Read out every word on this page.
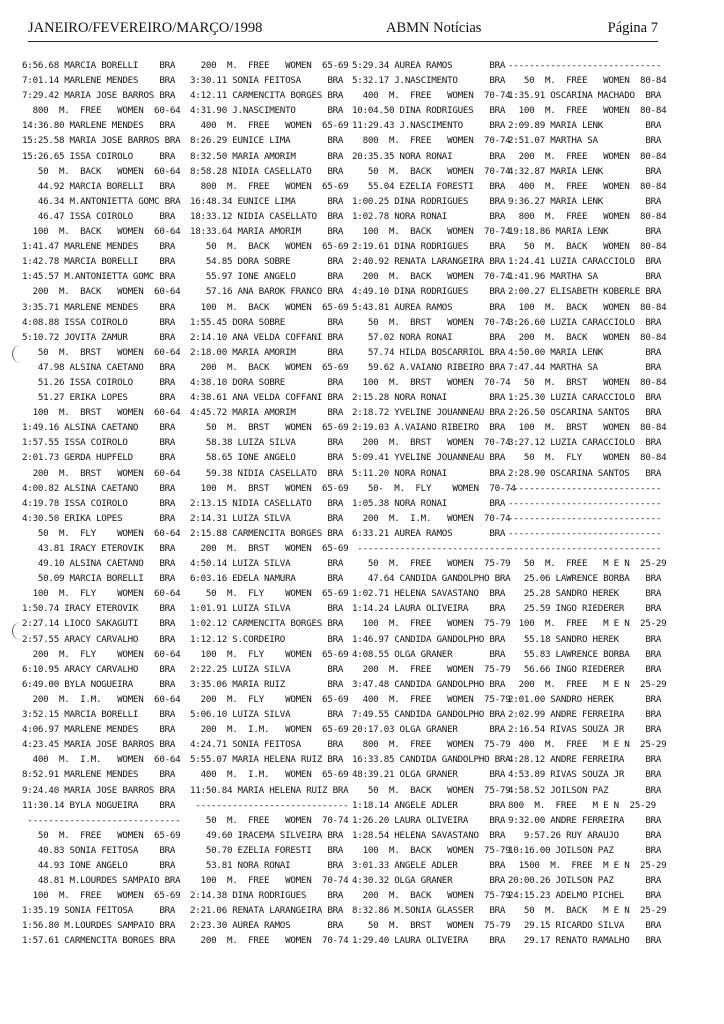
JANEIRO/FEVEREIRO/MARÇO/1998	ABMN Notícias	Página 7
6:56.68 MARCIA BORELLI    BRA
7:01.14 MARLENE MENDES    BRA
7:29.42 MARIA JOSE BARROS BRA
800  M.  FREE   WOMEN  60-64
14:36.80 MARLENE MENDES   BRA
15:25.58 MARIA JOSE BARROS BRA
15:26.65 ISSA COIROLO     BRA
50  M.  BACK   WOMEN  60-64
44.92 MARCIA BORELLI   BRA
46.34 M.ANTONIETTA GOMC BRA
46.47 ISSA COIROLO     BRA
100  M.  BACK   WOMEN  60-64
1:41.47 MARLENE MENDES    BRA
1:42.78 MARCIA BORELLI    BRA
1:45.57 M.ANTONIETTA GOMC BRA
200  M.  BACK   WOMEN  60-64
3:35.71 MARLENE MENDES    BRA
4:08.88 ISSA COIROLO      BRA
5:10.72 JOVITA ZAMUR      BRA
50  M.  BRST   WOMEN  60-64
47.98 ALSINA CAETANO   BRA
51.26 ISSA COIROLO     BRA
51.27 ERIKA LOPES      BRA
100  M.  BRST   WOMEN  60-64
1:49.16 ALSINA CAETANO    BRA
1:57.55 ISSA COIROLO      BRA
2:01.73 GERDA HUPFELD     BRA
200  M.  BRST   WOMEN  60-64
4:00.82 ALSINA CAETANO    BRA
4:19.78 ISSA COIROLO      BRA
4:30.50 ERIKA LOPES       BRA
50  M.  FLY    WOMEN  60-64
43.81 IRACY ETEROVIK   BRA
49.10 ALSINA CAETANO   BRA
50.09 MARCIA BORELLI   BRA
100  M.  FLY    WOMEN  60-64
1:50.74 IRACY ETEROVIK    BRA
2:27.14 LIOCO SAKAGUTI    BRA
2:57.55 ARACY CARVALHO    BRA
200  M.  FLY    WOMEN  60-64
6:10.95 ARACY CARVALHO    BRA
6:49.00 BYLA NOGUEIRA     BRA
200  M.  I.M.   WOMEN  60-64
3:52.15 MARCIA BORELLI    BRA
4:06.97 MARLENE MENDES    BRA
4:23.45 MARIA JOSE BARROS BRA
400  M.  I.M.   WOMEN  60-64
8:52.91 MARLENE MENDES    BRA
9:24.40 MARIA JOSE BARROS BRA
11:30.14 BYLA NOGUEIRA    BRA
-----------------------------
50  M.  FREE   WOMEN  65-69
40.83 SONIA FEITOSA    BRA
44.93 IONE ANGELO      BRA
48.81 M.LOURDES SAMPAIO BRA
100  M.  FREE   WOMEN  65-69
1:35.19 SONIA FEITOSA     BRA
1:56.80 M.LOURDES SAMPAIO BRA
1:57.61 CARMENCITA BORGES BRA
200  M.  FREE   WOMEN  65-69
3:30.11 SONIA FEITOSA     BRA
4:12.11 CARMENCITA BORGES BRA
4:31.90 J.NASCIMENTO      BRA
400  M.  FREE   WOMEN  65-69
8:26.29 EUNICE LIMA       BRA
8:32.50 MARIA AMORIM      BRA
8:58.28 NIDIA CASELLATO   BRA
800  M.  FREE   WOMEN  65-69
16:48.34 EUNICE LIMA      BRA
18:33.12 NIDIA CASELLATO  BRA
18:33.64 MARIA AMORIM     BRA
50  M.  BACK   WOMEN  65-69
54.85 DORA SOBRE       BRA
55.97 IONE ANGELO      BRA
57.16 ANA BAROK FRANCO BRA
100  M.  BACK   WOMEN  65-69
1:55.45 DORA SOBRE        BRA
2:14.10 ANA VELDA COFFANI BRA
2:18.00 MARIA AMORIM      BRA
200  M.  BACK   WOMEN  65-69
4:38.10 DORA SOBRE        BRA
4:38.61 ANA VELDA COFFANI BRA
4:45.72 MARIA AMORIM      BRA
50  M.  BRST   WOMEN  65-69
58.38 LUIZA SILVA      BRA
58.65 IONE ANGELO      BRA
59.38 NIDIA CASELLATO  BRA
100  M.  BRST   WOMEN  65-69
2:13.15 NIDIA CASELLATO   BRA
2:14.31 LUIZA SILVA       BRA
2:15.88 CARMENCITA BORGES BRA
200  M.  BRST   WOMEN  65-69
4:50.14 LUIZA SILVA       BRA
6:03.16 EDELA NAMURA      BRA
50  M.  FLY    WOMEN  65-69
1:01.91 LUIZA SILVA       BRA
1:02.12 CARMENCITA BORGES BRA
1:12.12 S.CORDEIRO        BRA
100  M.  FLY    WOMEN  65-69
2:22.25 LUIZA SILVA       BRA
3:35.06 MARIA RUIZ        BRA
200  M.  FLY    WOMEN  65-69
5:06.10 LUIZA SILVA       BRA
200  M.  I.M.   WOMEN  65-69
4:24.71 SONIA FEITOSA     BRA
5:55.07 MARIA HELENA RUIZ BRA
400  M.  I.M.   WOMEN  65-69
11:50.84 MARIA HELENA RUIZ BRA
-----------------------------
50  M.  FREE   WOMEN  70-74
49.60 IRACEMA SILVEIRA BRA
50.70 EZELIA FORESTI   BRA
53.81 NORA RONAI       BRA
100  M.  FREE   WOMEN  70-74
2:14.38 DINA RODRIGUES    BRA
2:21.06 RENATA LARANGEIRA BRA
2:23.30 AUREA RAMOS       BRA
200  M.  FREE   WOMEN  70-74
5:29.34 AUREA RAMOS       BRA
5:32.17 J.NASCIMENTO      BRA
400  M.  FREE   WOMEN  70-74
10:04.50 DINA RODRIGUES   BRA
11:29.43 J.NASCIMENTO     BRA
800  M.  FREE   WOMEN  70-74
20:35.35 NORA RONAI       BRA
50  M.  BACK   WOMEN  70-74
55.04 EZELIA FORESTI   BRA
1:00.25 DINA RODRIGUES    BRA
1:02.78 NORA RONAI        BRA
100  M.  BACK   WOMEN  70-74
2:19.61 DINA RODRIGUES    BRA
2:40.92 RENATA LARANGEIRA BRA
200  M.  BACK   WOMEN  70-74
4:49.10 DINA RODRIGUES    BRA
5:43.81 AUREA RAMOS       BRA
50  M.  BRST   WOMEN  70-74
57.02 NORA RONAI       BRA
57.74 HILDA BOSCARRIOL BRA
59.62 A.VAIANO RIBEIRO BRA
100  M.  BRST   WOMEN  70-74
2:15.28 NORA RONAI        BRA
2:18.72 YVELINE JOUANNEAU BRA
2:19.03 A.VAIANO RIBEIRO  BRA
200  M.  BRST   WOMEN  70-74
5:09.41 YVELINE JOUANNEAU BRA
5:11.20 NORA RONAI        BRA
50-  M.  FLY    WOMEN  70-74
1:05.38 NORA RONAI        BRA
200  M.  I.M.   WOMEN  70-74
6:33.21 AUREA RAMOS       BRA
-----------------------------
50  M.  FREE   WOMEN  75-79
47.64 CANDIDA GANDOLPHO BRA
1:02.71 HELENA SAVASTANO  BRA
1:14.24 LAURA OLIVEIRA    BRA
100  M.  FREE   WOMEN  75-79
1:46.97 CANDIDA GANDOLPHO BRA
4:08.55 OLGA GRANER       BRA
200  M.  FREE   WOMEN  75-79
3:47.48 CANDIDA GANDOLPHO BRA
400  M.  FREE   WOMEN  75-79
7:49.55 CANDIDA GANDOLPHO BRA
20:17.03 OLGA GRANER      BRA
800  M.  FREE   WOMEN  75-79
16:33.85 CANDIDA GANDOLPHO BRA
48:39.21 OLGA GRANER      BRA
50  M.  BACK   WOMEN  75-79
1:18.14 ANGELE ADLER      BRA
1:26.20 LAURA OLIVEIRA    BRA
1:28.54 HELENA SAVASTANO  BRA
100  M.  BACK   WOMEN  75-79
3:01.33 ANGELE ADLER      BRA
4:30.32 OLGA GRANER       BRA
200  M.  BACK   WOMEN  75-79
8:32.86 M.SONIA GLASSER   BRA
50  M.  BRST   WOMEN  75-79
1:29.40 LAURA OLIVEIRA    BRA
-----------------------------
50  M.  FREE   WOMEN  80-84
1:35.91 OSCARINA MACHADO  BRA
100  M.  FREE   WOMEN  80-84
2:09.89 MARIA LENK        BRA
2:51.07 MARTHA SA         BRA
200  M.  FREE   WOMEN  80-84
4:32.87 MARIA LENK        BRA
400  M.  FREE   WOMEN  80-84
9:36.27 MARIA LENK        BRA
800  M.  FREE   WOMEN  80-84
19:18.86 MARIA LENK       BRA
50  M.  BACK   WOMEN  80-84
1:24.41 LUZIA CARACCIOLO  BRA
1:41.96 MARTHA SA         BRA
2:00.27 ELISABETH KOBERLE BRA
100  M.  BACK   WOMEN  80-84
3:26.60 LUZIA CARACCIOLO  BRA
200  M.  BACK   WOMEN  80-84
4:50.00 MARIA LENK        BRA
7:47.44 MARTHA SA         BRA
50  M.  BRST   WOMEN  80-84
1:25.30 LUZIA CARACCIOLO  BRA
2:26.50 OSCARINA SANTOS   BRA
100  M.  BRST   WOMEN  80-84
3:27.12 LUZIA CARACCIOLO  BRA
50  M.  FLY    WOMEN  80-84
2:28.90 OSCARINA SANTOS   BRA
-----------------------------
-----------------------------
-----------------------------
-----------------------------
-----------------------------
50  M.  FREE   M E N  25-29
25.06 LAWRENCE BORBA   BRA
25.28 SANDRO HEREK     BRA
25.59 INGO RIEDERER    BRA
100  M.  FREE   M E N  25-29
55.18 SANDRO HEREK     BRA
55.83 LAWRENCE BORBA   BRA
56.66 INGO RIEDERER    BRA
200  M.  FREE   M E N  25-29
2:01.00 SANDRO HEREK      BRA
2:02.99 ANDRE FERREIRA    BRA
2:16.54 RIVAS SOUZA JR    BRA
400  M.  FREE   M E N  25-29
4:28.12 ANDRE FERREIRA    BRA
4:53.89 RIVAS SOUZA JR    BRA
4:58.52 JOILSON PAZ       BRA
800  M.  FREE   M E N  25-29
9:32.00 ANDRE FERREIRA    BRA
9:57.26 RUY ARAUJO     BRA
10:16.00 JOILSON PAZ      BRA
1500  M.  FREE  M E N  25-29
20:00.26 JOILSON PAZ      BRA
24:15.23 ADELMO PICHEL    BRA
50  M.  BACK   M E N  25-29
29.15 RICARDO SILVA    BRA
29.17 RENATO RAMALHO   BRA
